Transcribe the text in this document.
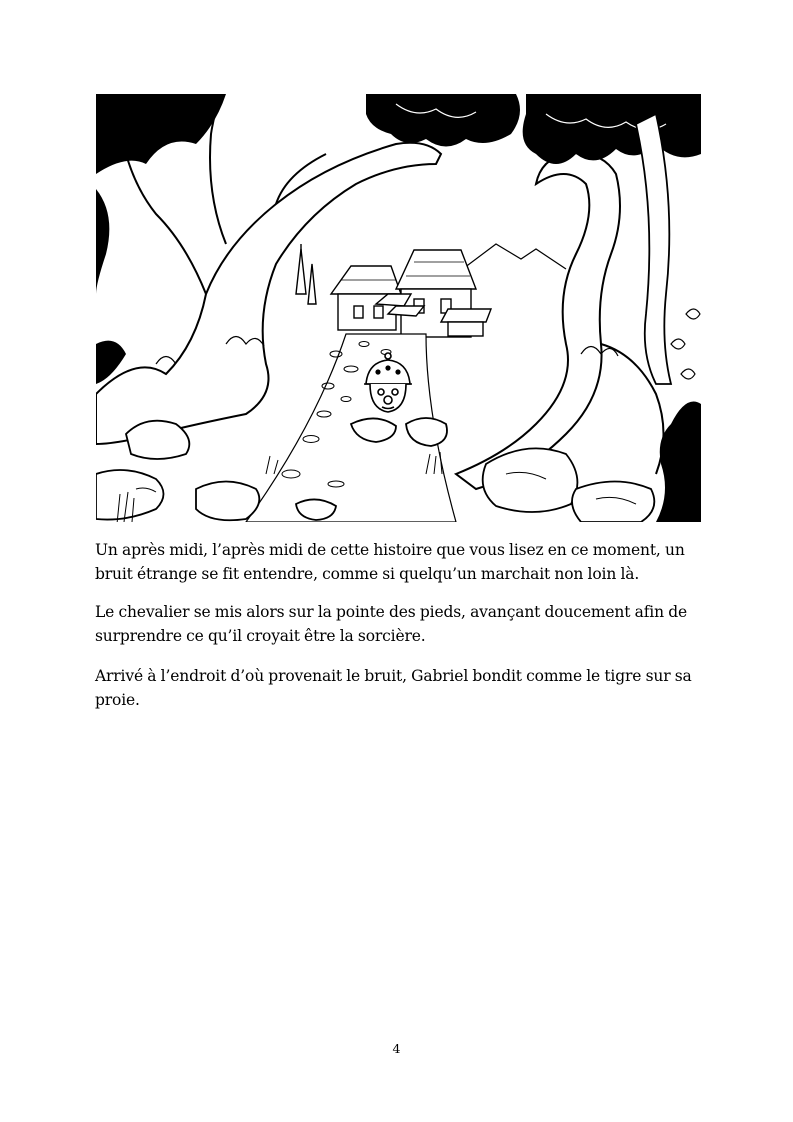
Un après midi, l’après midi de cette histoire que vous lisez en ce moment, un bruit étrange se fit entendre, comme si quelqu’un marchait non loin là.

Le chevalier se mis alors sur la pointe des pieds, avançant doucement afin de surprendre ce qu’il croyait être la sorcière.

Arrivé à l’endroit d’où provenait le bruit, Gabriel bondit comme le tigre sur sa proie.

4
